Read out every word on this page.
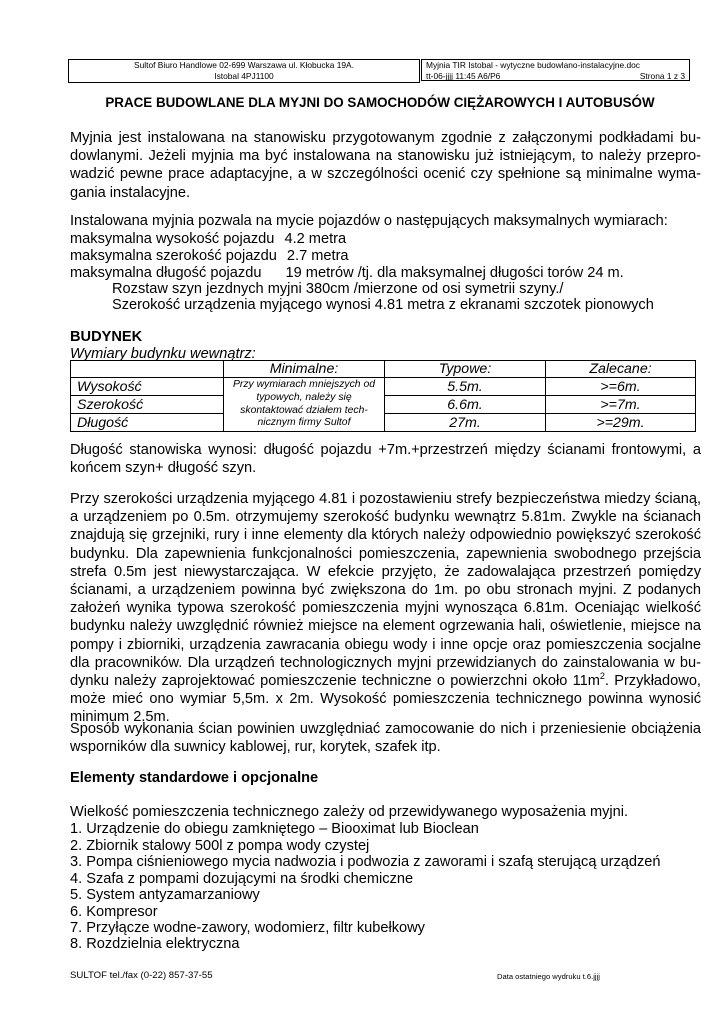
Sultof Biuro Handlowe 02-699 Warszawa ul. Kłobucka 19A.
Istobal 4PJ1100
Myjnia TIR Istobal - wytyczne budowlano-instalacyjne.doc
tt-06-jjjj 11:45 A6/P6	Strona 1 z 3
PRACE BUDOWLANE DLA MYJNI DO SAMOCHODÓW CIĘŻAROWYCH I AUTOBUSÓW
Myjnia jest instalowana na stanowisku przygotowanym zgodnie z załączonymi podkładami bu-
dowlanymi. Jeżeli myjnia ma być instalowana na stanowisku już istniejącym, to należy przepro-
wadzić pewne prace adaptacyjne, a w szczególności ocenić czy spełnione są minimalne wyma-
gania instalacyjne.
Instalowana myjnia pozwala na mycie pojazdów o następujących maksymalnych wymiarach:
maksymalna wysokość pojazdu 4.2 metra
maksymalna szerokość pojazdu 2.7 metra
maksymalna długość pojazdu 19 metrów /tj. dla maksymalnej długości torów 24 m.
Rozstaw szyn jezdnych myjni 380cm /mierzone od osi symetrii szyny./
Szerokość urządzenia myjącego wynosi 4.81 metra z ekranami szczotek pionowych
BUDYNEK
Wymiary budynku wewnątrz:
	Minimalne:	Typowe:	Zalecane:
Wysokość	Przy wymiarach mniejszych od typowych, należy się skontaktować działem tech-nicznym firmy Sultof	5.5m.	>=6m.
Szerokość		6.6m.	>=7m.
Długość		27m.	>=29m.
Długość stanowiska wynosi: długość pojazdu +7m.+przestrzeń między ścianami frontowymi, a
końcem szyn+ długość szyn.
Przy szerokości urządzenia myjącego 4.81 i pozostawieniu strefy bezpieczeństwa miedzy ścianą,
a urządzeniem po 0.5m. otrzymujemy szerokość budynku wewnątrz 5.81m. Zwykle na ścianach
znajdują się grzejniki, rury i inne elementy dla których należy odpowiednio powiększyć szerokość
budynku. Dla zapewnienia funkcjonalności pomieszczenia, zapewnienia swobodnego przejścia
strefa 0.5m jest niewystarczająca. W efekcie przyjęto, że zadowalająca przestrzeń pomiędzy
ścianami, a urządzeniem powinna być zwiększona do 1m. po obu stronach myjni. Z podanych
założeń wynika typowa szerokość pomieszczenia myjni wynosząca 6.81m. Oceniając wielkość
budynku należy uwzględnić również miejsce na element ogrzewania hali, oświetlenie, miejsce na
pompy i zbiorniki, urządzenia zawracania obiegu wody i inne opcje oraz pomieszczenia socjalne
dla pracowników. Dla urządzeń technologicznych myjni przewidzianych do zainstalowania w bu-
dynku należy zaprojektować pomieszczenie techniczne o powierzchni około $11m^2$. Przykładowo,
może mieć ono wymiar 5,5m. x 2m. Wysokość pomieszczenia technicznego powinna wynosić
minimum 2.5m.
Sposób wykonania ścian powinien uwzględniać zamocowanie do nich i przeniesienie obciążenia
wsporników dla suwnicy kablowej, rur, korytek, szafek itp.
Elementy standardowe i opcjonalne
Wielkość pomieszczenia technicznego zależy od przewidywanego wyposażenia myjni.
1. Urządzenie do obiegu zamkniętego – Biooximat lub Bioclean
2. Zbiornik stalowy 500l z pompa wody czystej
3. Pompa ciśnieniowego mycia nadwozia i podwozia z zaworami i szafą sterującą urządzeń
4. Szafa z pompami dozującymi na środki chemiczne
5. System antyzamarzaniowy
6. Kompresor
7. Przyłącze wodne-zawory, wodomierz, filtr kubełkowy
8. Rozdzielnia elektryczna
SULTOF tel./fax (0-22) 857-37-55	Data ostatniego wydruku t.6.jjjj
